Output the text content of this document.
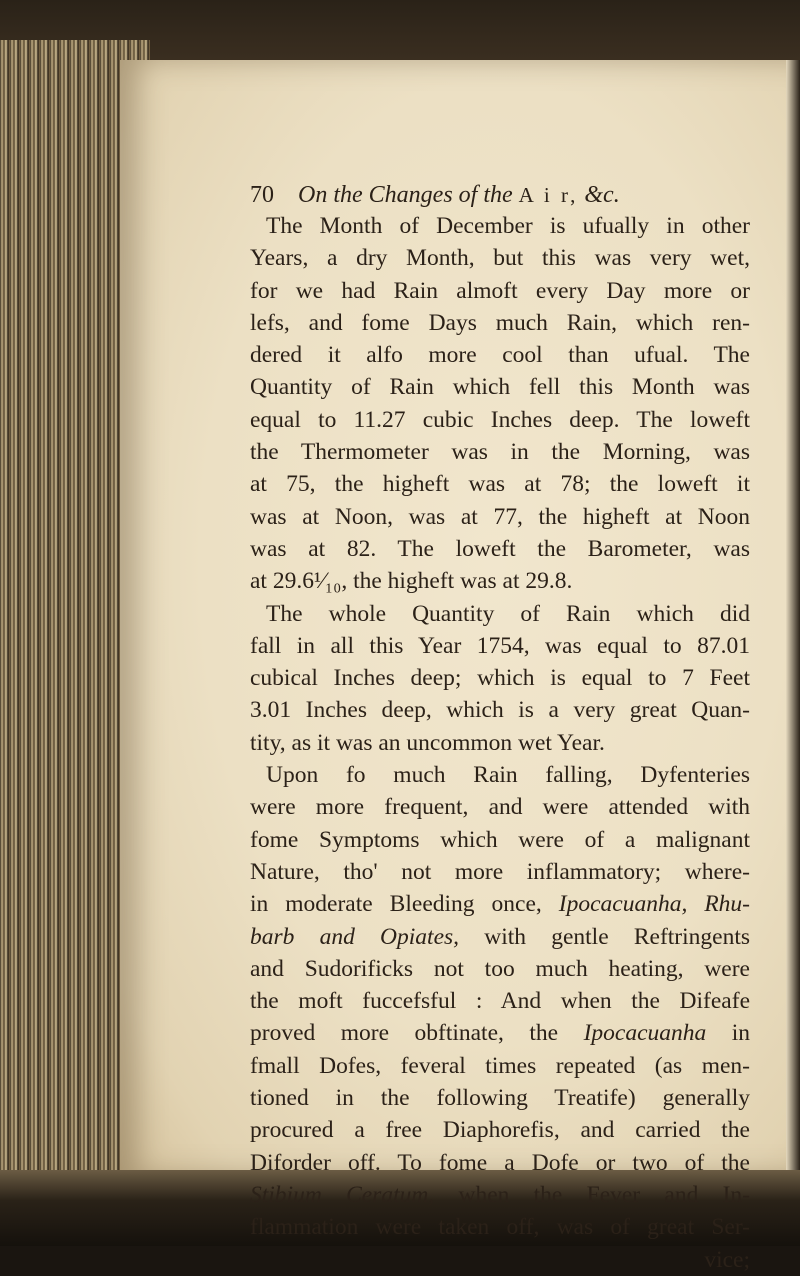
70 On the Changes of the A i r, &c.
The Month of December is ufually in other
Years, a dry Month, but this was very wet,
for we had Rain almoft every Day more or
lefs, and fome Days much Rain, which ren-
dered it alfo more cool than ufual. The
Quantity of Rain which fell this Month was
equal to 11.27 cubic Inches deep. The loweft
the Thermometer was in the Morning, was
at 75, the higheft was at 78; the loweft it
was at Noon, was at 77, the higheft at Noon
was at 82. The loweft the Barometer, was
at 29.6¹⁄₁₀, the higheft was at 29.8.
The whole Quantity of Rain which did
fall in all this Year 1754, was equal to 87.01
cubical Inches deep; which is equal to 7 Feet
3.01 Inches deep, which is a very great Quan-
tity, as it was an uncommon wet Year.
Upon fo much Rain falling, Dyfenteries
were more frequent, and were attended with
fome Symptoms which were of a malignant
Nature, tho' not more inflammatory; where-
in moderate Bleeding once, Ipocacuanha, Rhu-
barb and Opiates, with gentle Reftringents
and Sudorificks not too much heating, were
the moft fuccefsful : And when the Difeafe
proved more obftinate, the Ipocacuanha in
fmall Dofes, feveral times repeated (as men-
tioned in the following Treatife) generally
procured a free Diaphorefis, and carried the
Diforder off. To fome a Dofe or two of the
Stibium Ceratum, when the Fever and In-
flammation were taken off, was of great Ser-
vice;
